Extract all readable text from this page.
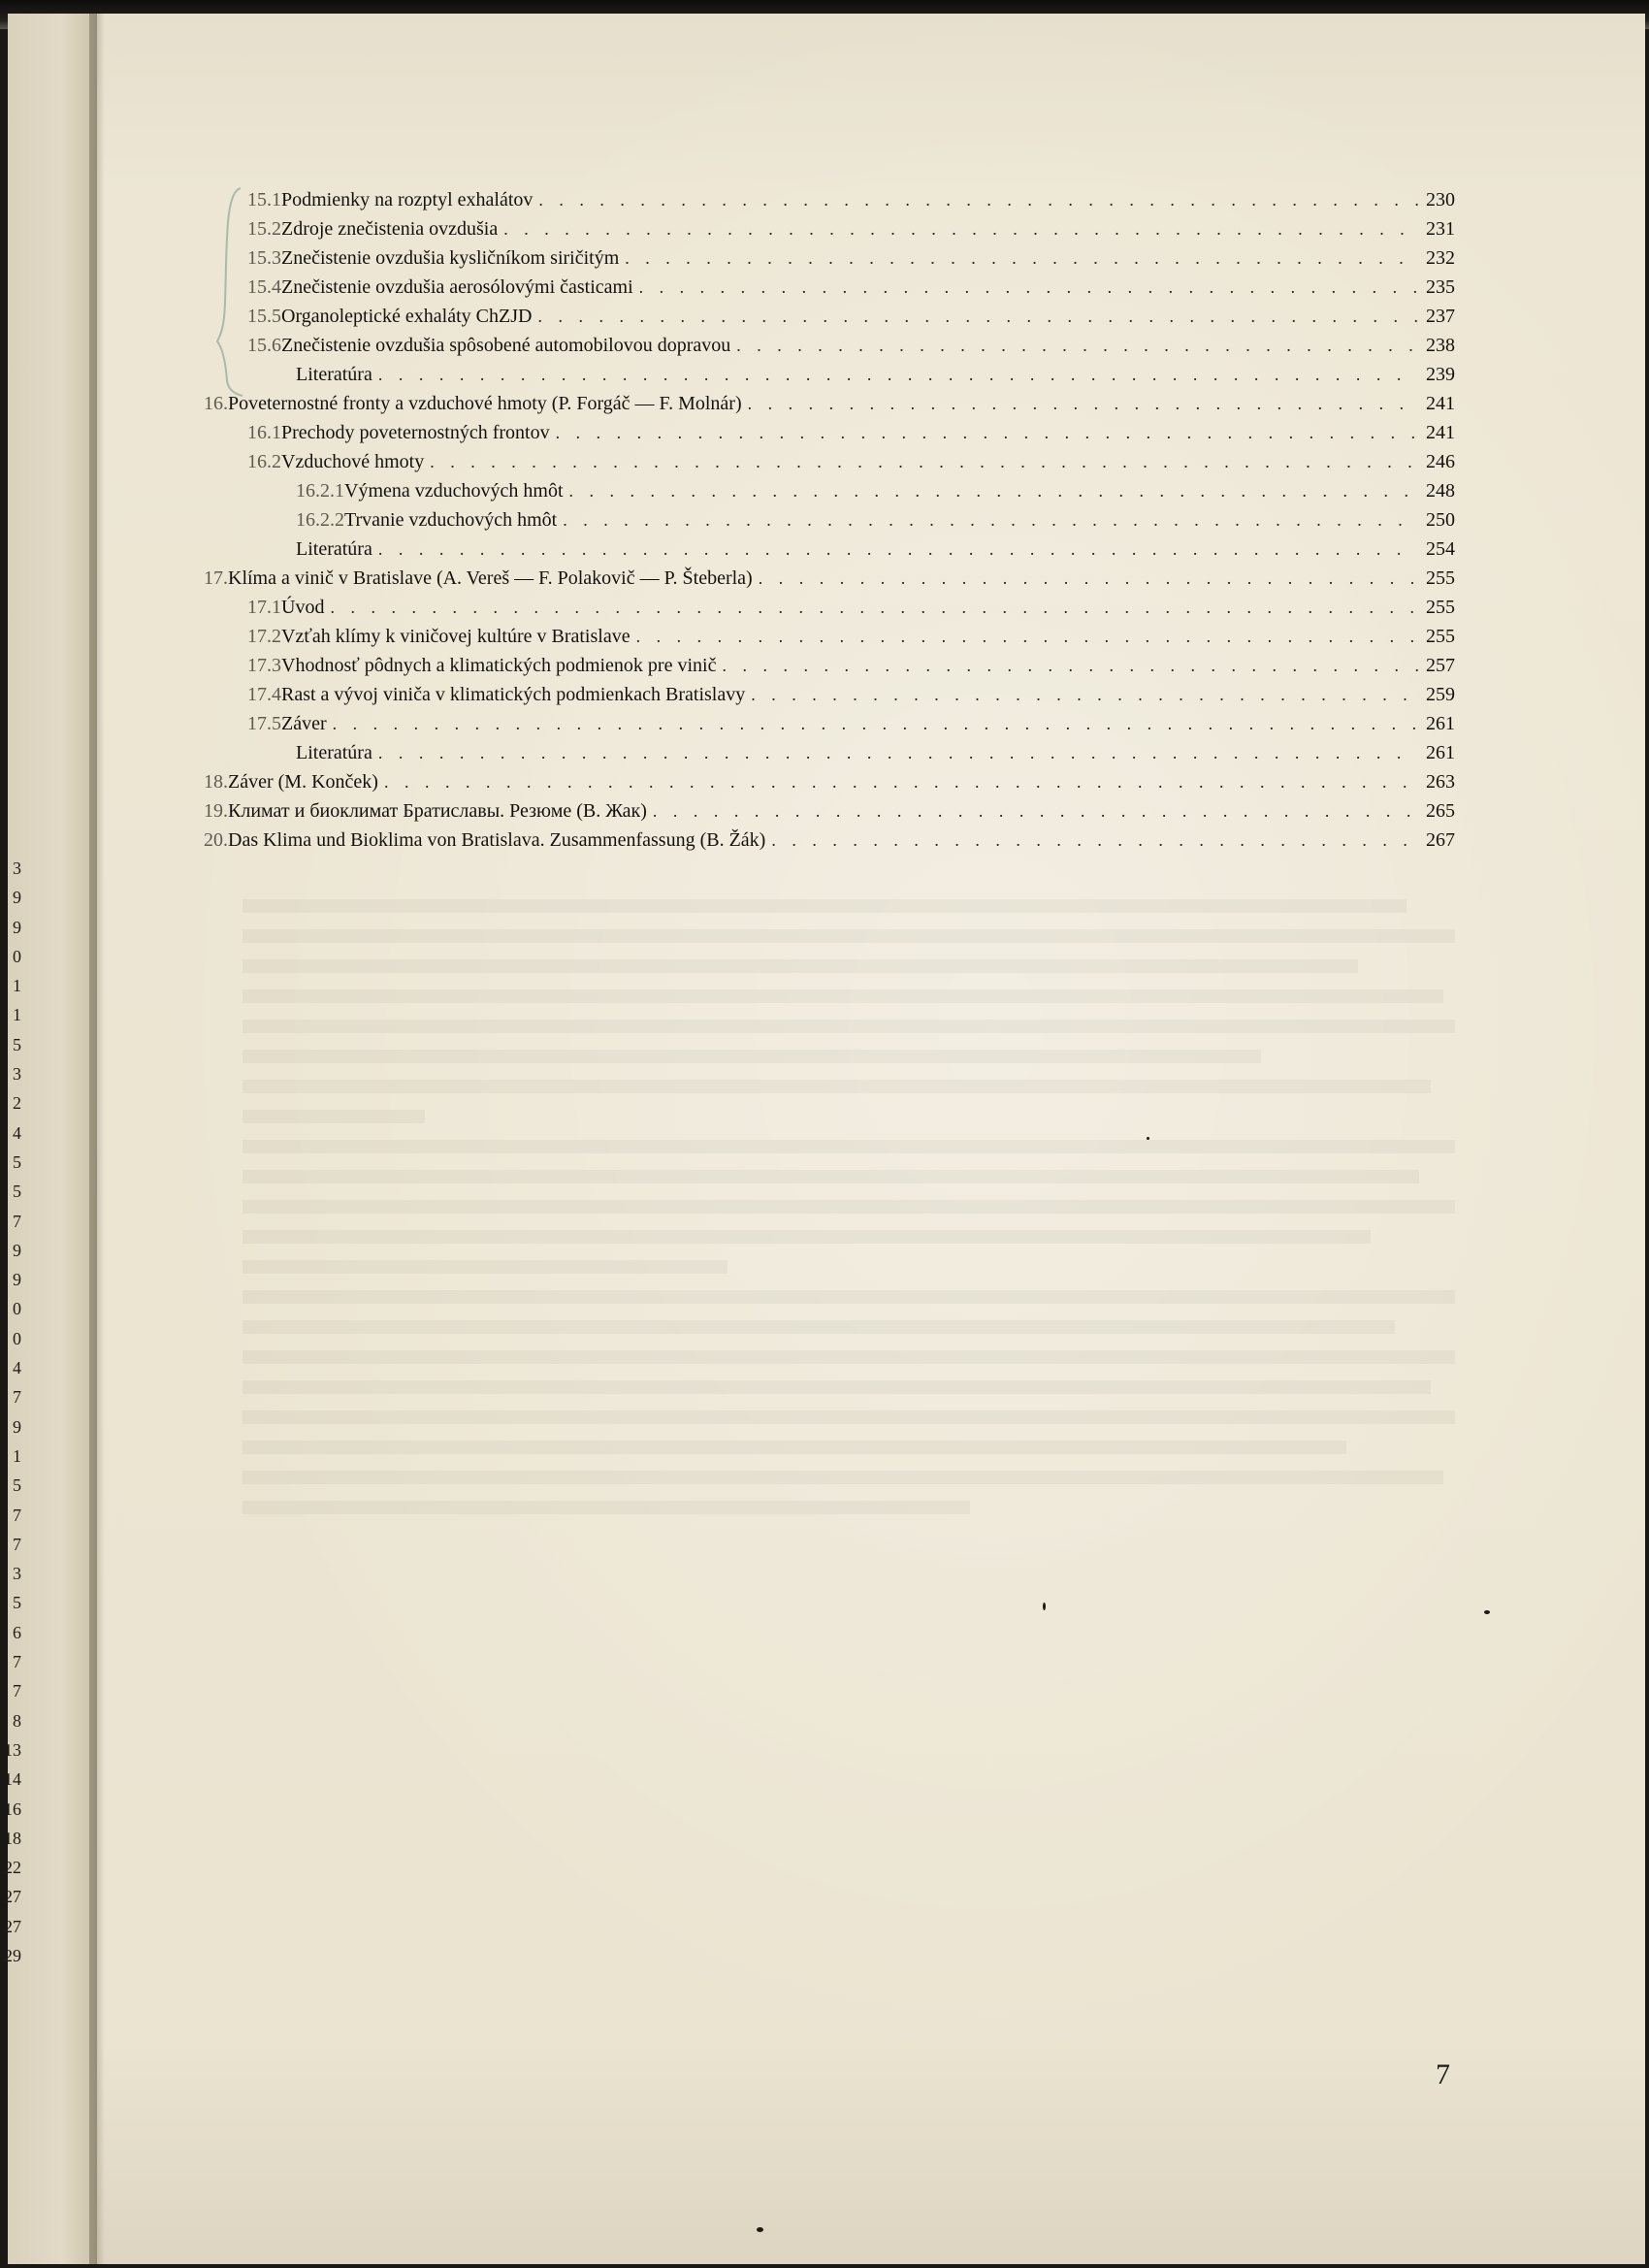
3
9
9
0
1
1
5
3
2
4
5
5
7
9
9
0
0
4
7
9
1
5
7
7
3
5
6
7
7
8
13
14
16
18
22
27
27
29
15.1 Podmienky na rozptyl exhalátov . . .	230
15.2 Zdroje znečistenia ovzdušia . . .	231
15.3 Znečistenie ovzdušia kysličníkom siričitým . . .	232
15.4 Znečistenie ovzdušia aerosólovými časticami . . .	235
15.5 Organoleptické exhaláty ChZJD . . .	237
15.6 Znečistenie ovzdušia spôsobené automobilovou dopravou . . .	238
Literatúra . . .	239
16. Poveternostné fronty a vzduchové hmoty (P. Forgáč — F. Molnár) . . .	241
16.1 Prechody poveternostných frontov . . .	241
16.2 Vzduchové hmoty . . .	246
16.2.1 Výmena vzduchových hmôt . . .	248
16.2.2 Trvanie vzduchových hmôt . . .	250
Literatúra . . .	254
17. Klíma a vinič v Bratislave (A. Vereš — F. Polakovič — P. Šteberla) . . .	255
17.1 Úvod . . .	255
17.2 Vzťah klímy k viničovej kultúre v Bratislave . . .	255
17.3 Vhodnosť pôdnych a klimatických podmienok pre vinič . . .	257
17.4 Rast a vývoj viniča v klimatických podmienkach Bratislavy . . .	259
17.5 Záver . . .	261
Literatúra . . .	261
18. Záver (M. Konček) . . .	263
19. Климат и биоклимат Братиславы. Резюме (В. Жак) . . .	265
20. Das Klima und Bioklima von Bratislava. Zusammenfassung (B. Žák) . . .	267
7
